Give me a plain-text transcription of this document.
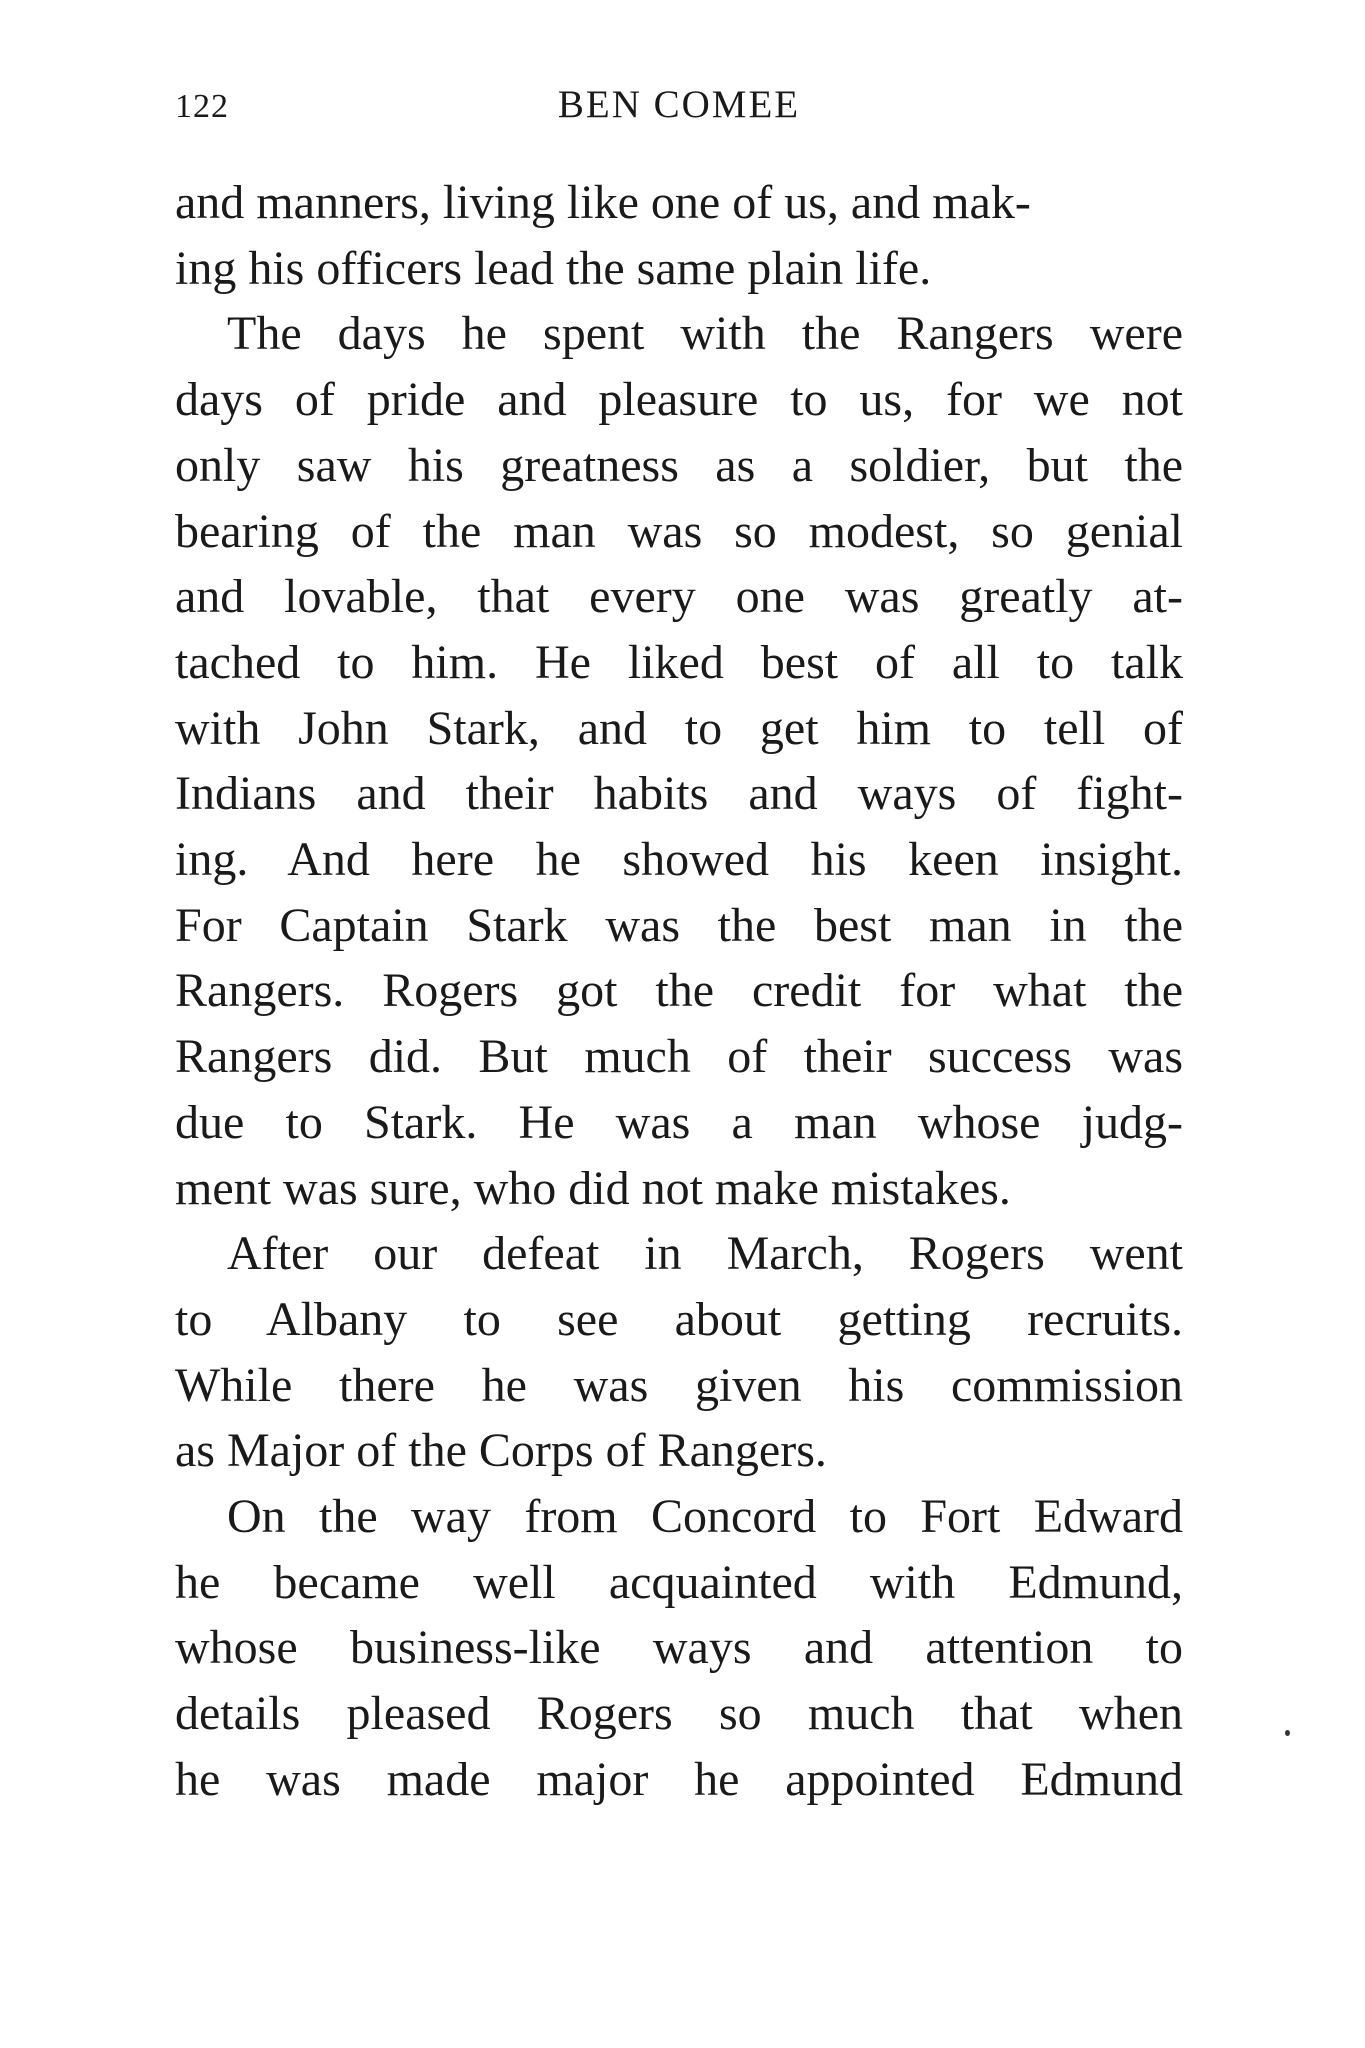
122	BEN COMEE
and manners, living like one of us, and mak-
ing his officers lead the same plain life.
The days he spent with the Rangers were
days of pride and pleasure to us, for we not
only saw his greatness as a soldier, but the
bearing of the man was so modest, so genial
and lovable, that every one was greatly at-
tached to him. He liked best of all to talk
with John Stark, and to get him to tell of
Indians and their habits and ways of fight-
ing. And here he showed his keen insight.
For Captain Stark was the best man in the
Rangers. Rogers got the credit for what the
Rangers did. But much of their success was
due to Stark. He was a man whose judg-
ment was sure, who did not make mistakes.
After our defeat in March, Rogers went
to Albany to see about getting recruits.
While there he was given his commission
as Major of the Corps of Rangers.
On the way from Concord to Fort Edward
he became well acquainted with Edmund,
whose business-like ways and attention to
details pleased Rogers so much that when
he was made major he appointed Edmund
